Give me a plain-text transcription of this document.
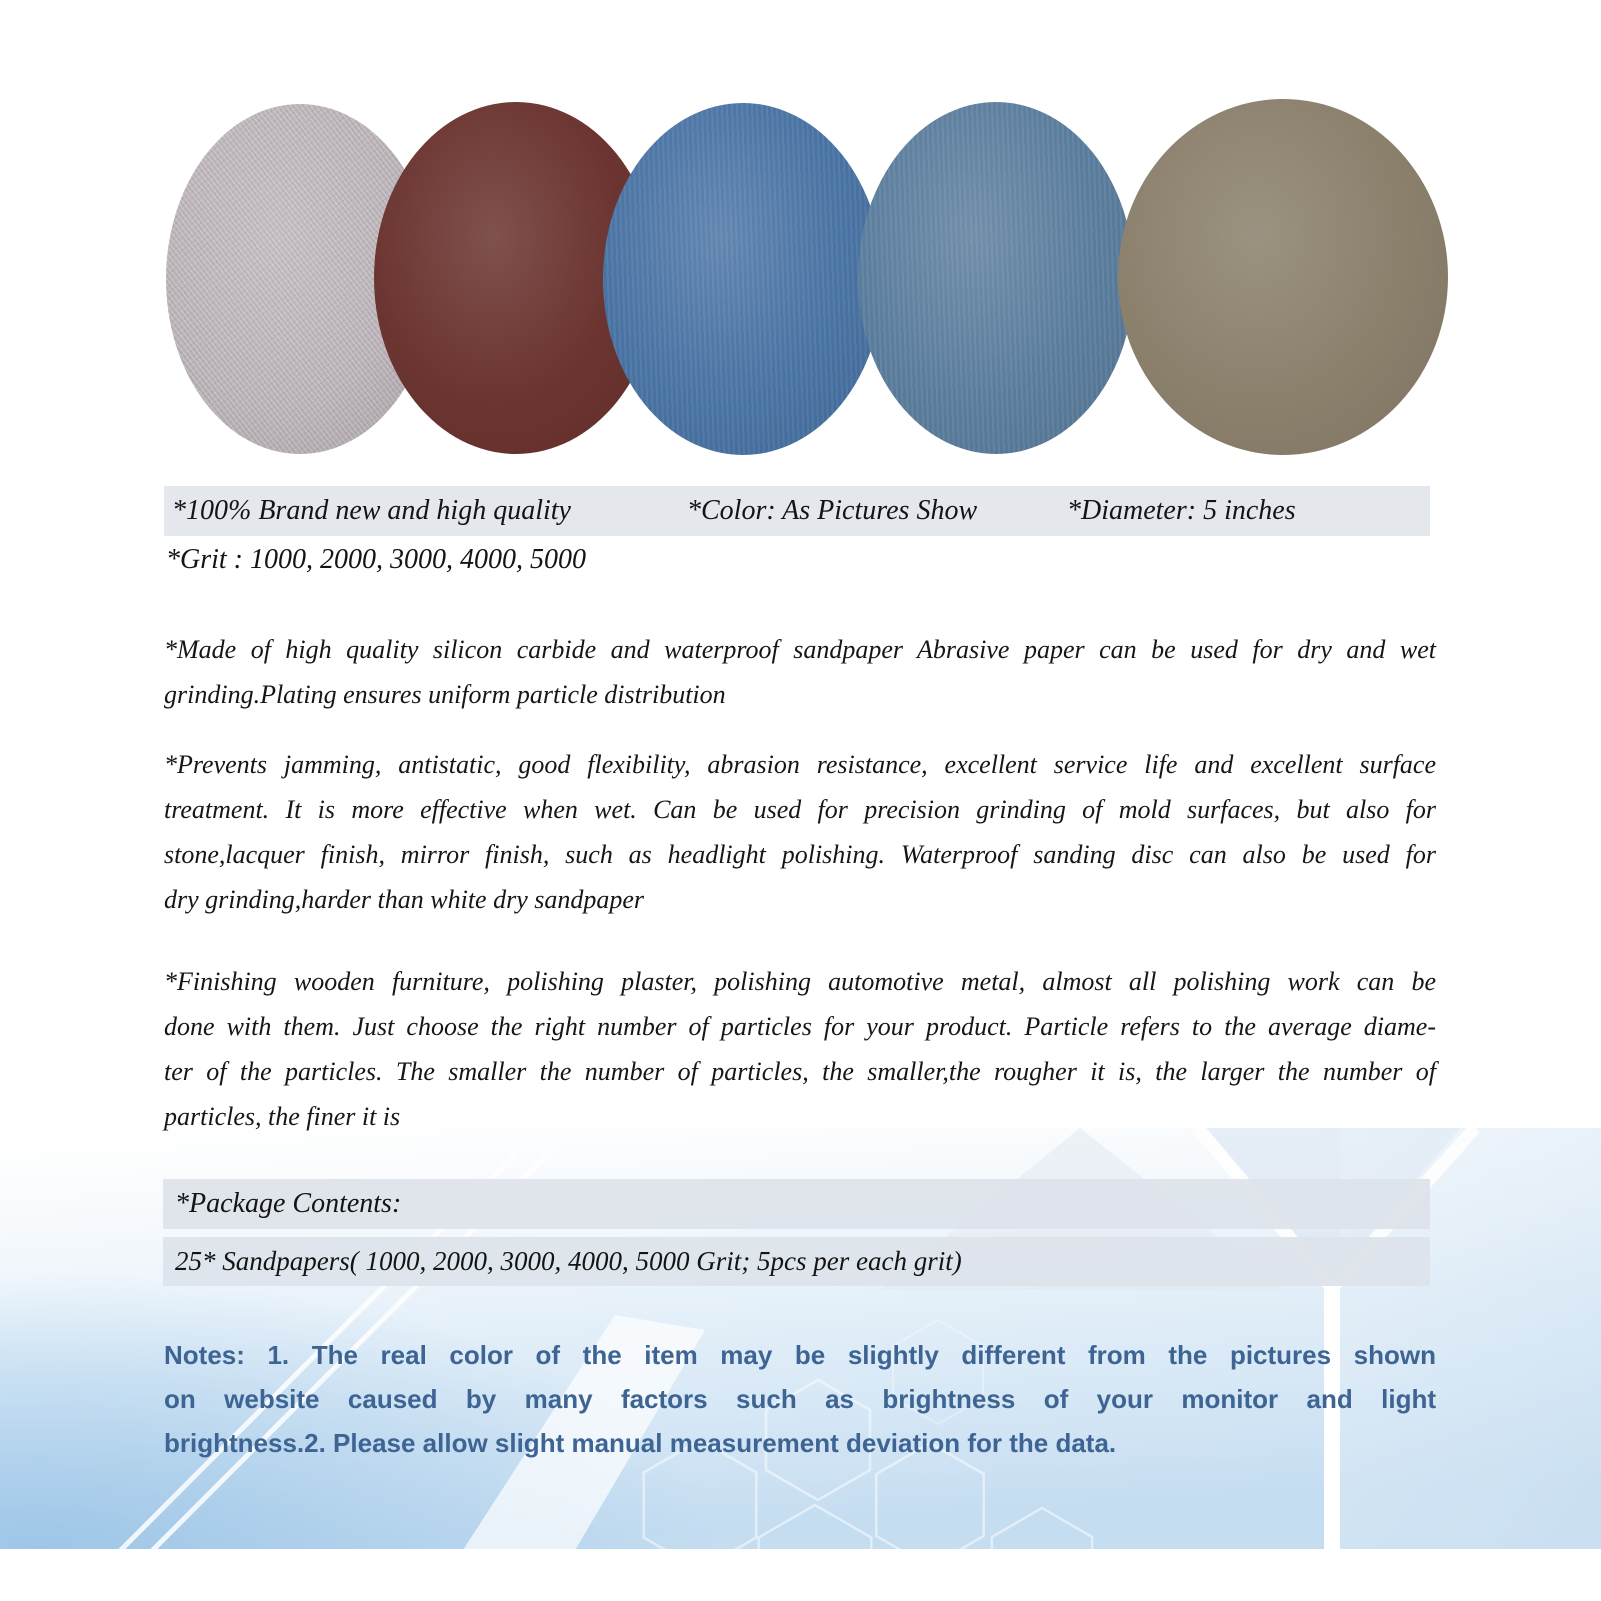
*100% Brand new and high quality	*Color: As Pictures Show	*Diameter: 5 inches
*Grit : 1000, 2000, 3000, 4000, 5000
*Made of high quality silicon carbide and waterproof sandpaper Abrasive paper can be used for dry and wet
grinding.Plating ensures uniform particle distribution
*Prevents jamming, antistatic, good flexibility, abrasion resistance, excellent service life and excellent surface
treatment. It is more effective when wet. Can be used for precision grinding of mold surfaces, but also for
stone,lacquer finish, mirror finish, such as headlight polishing. Waterproof sanding disc can also be used for
dry grinding,harder than white dry sandpaper
*Finishing wooden furniture, polishing plaster, polishing automotive metal, almost all polishing work can be
done with them. Just choose the right number of particles for your product. Particle refers to the average diame-
ter of the particles. The smaller the number of particles, the smaller,the rougher it is, the larger the number of
particles, the finer it is
*Package Contents:
25* Sandpapers( 1000, 2000, 3000, 4000, 5000 Grit; 5pcs per each grit)
Notes: 1. The real color of the item may be slightly different from the pictures shown
on website caused by many factors such as brightness of your monitor and light
brightness.2. Please allow slight manual measurement deviation for the data.
